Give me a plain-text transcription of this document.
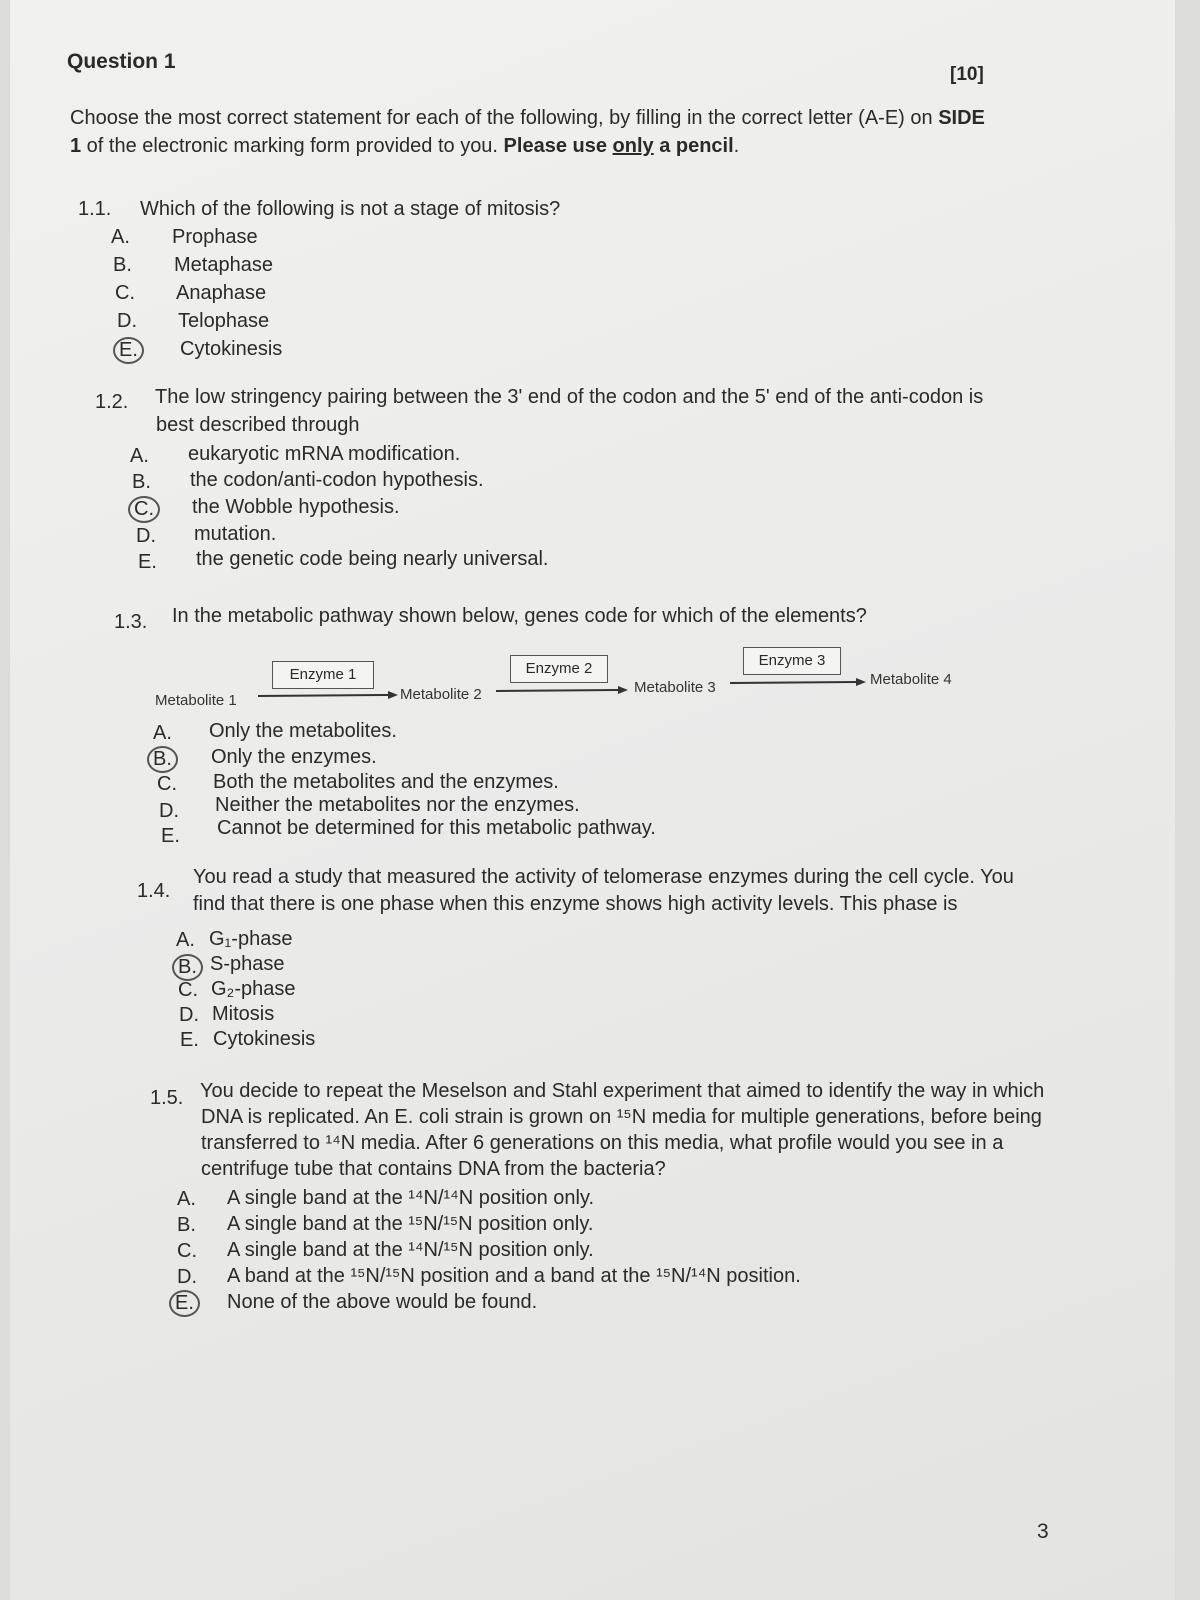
Question 1
[10]
Choose the most correct statement for each of the following, by filling in the correct letter (A-E) on SIDE
1 of the electronic marking form provided to you. Please use only a pencil.
1.1. Which of the following is not a stage of mitosis?
A. Prophase
B. Metaphase
C. Anaphase
D. Telophase
E.	Cytokinesis
1.2. The low stringency pairing between the 3' end of the codon and the 5' end of the anti-codon is
best described through
A. eukaryotic mRNA modification.
B. the codon/anti-codon hypothesis.
C.	the Wobble hypothesis.
D. mutation.
E. the genetic code being nearly universal.
1.3. In the metabolic pathway shown below, genes code for which of the elements?
Metabolite 1
Enzyme 1
Metabolite 2
Enzyme 2
Metabolite 3
Enzyme 3
Metabolite 4
A. Only the metabolites.
B.	Only the enzymes.
C. Both the metabolites and the enzymes.
D. Neither the metabolites nor the enzymes.
E. Cannot be determined for this metabolic pathway.
1.4.
You read a study that measured the activity of telomerase enzymes during the cell cycle. You
find that there is one phase when this enzyme shows high activity levels. This phase is
A. G₁-phase
B. S-phase
C. G₂-phase
D. Mitosis
E. Cytokinesis
1.5. You decide to repeat the Meselson and Stahl experiment that aimed to identify the way in which
DNA is replicated. An E. coli strain is grown on ¹⁵N media for multiple generations, before being
transferred to ¹⁴N media. After 6 generations on this media, what profile would you see in a
centrifuge tube that contains DNA from the bacteria?
A. A single band at the ¹⁴N/¹⁴N position only.
B. A single band at the ¹⁵N/¹⁵N position only.
C. A single band at the ¹⁴N/¹⁵N position only.
D. A band at the ¹⁵N/¹⁵N position and a band at the ¹⁵N/¹⁴N position.
E.	None of the above would be found.
3
